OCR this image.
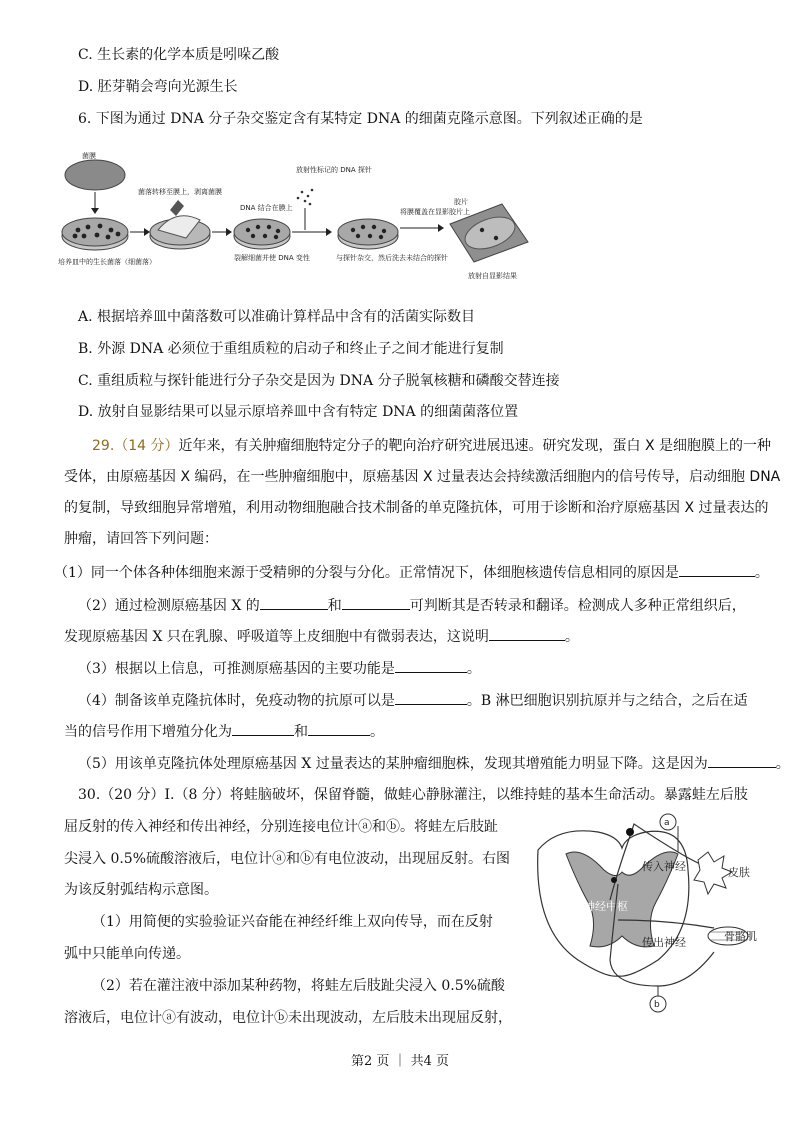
C. 生长素的化学本质是吲哚乙酸
D. 胚芽鞘会弯向光源生长
6. 下图为通过 DNA 分子杂交鉴定含有某特定 DNA 的细菌克隆示意图。下列叙述正确的是
菌膜
培养皿中的生长菌落（细菌落）
菌落转移至膜上，剥离菌膜
DNA 结合在膜上
裂解细菌并使 DNA 变性
放射性标记的 DNA 探针
与探针杂交，然后洗去未结合的探针
将膜覆盖在显影胶片上
胶片
放射自显影结果
A. 根据培养皿中菌落数可以准确计算样品中含有的活菌实际数目
B. 外源 DNA 必须位于重组质粒的启动子和终止子之间才能进行复制
C. 重组质粒与探针能进行分子杂交是因为 DNA 分子脱氧核糖和磷酸交替连接
D. 放射自显影结果可以显示原培养皿中含有特定 DNA 的细菌菌落位置
29.（14 分）近年来，有关肿瘤细胞特定分子的靶向治疗研究进展迅速。研究发现，蛋白 X 是细胞膜上的一种
受体，由原癌基因 X 编码，在一些肿瘤细胞中，原癌基因 X 过量表达会持续激活细胞内的信号传导，启动细胞 DNA
的复制，导致细胞异常增殖，利用动物细胞融合技术制备的单克隆抗体，可用于诊断和治疗原癌基因 X 过量表达的
肿瘤，请回答下列问题：
（1）同一个体各种体细胞来源于受精卵的分裂与分化。正常情况下，体细胞核遗传信息相同的原因是	。
（2）通过检测原癌基因 X 的	和	可判断其是否转录和翻译。检测成人多种正常组织后，
发现原癌基因 X 只在乳腺、呼吸道等上皮细胞中有微弱表达，这说明	。
（3）根据以上信息，可推测原癌基因的主要功能是	。
（4）制备该单克隆抗体时，免疫动物的抗原可以是	。B 淋巴细胞识别抗原并与之结合，之后在适
当的信号作用下增殖分化为	和	。
（5）用该单克隆抗体处理原癌基因 X 过量表达的某肿瘤细胞株，发现其增殖能力明显下降。这是因为	。
30.（20 分）Ⅰ.（8 分）将蛙脑破坏，保留脊髓，做蛙心静脉灌注，以维持蛙的基本生命活动。暴露蛙左后肢
屈反射的传入神经和传出神经，分别连接电位计ⓐ和ⓑ。将蛙左后肢趾
尖浸入 0.5%硫酸溶液后，电位计ⓐ和ⓑ有电位波动，出现屈反射。右图
为该反射弧结构示意图。
（1）用简便的实验验证兴奋能在神经纤维上双向传导，而在反射
弧中只能单向传递。
（2）若在灌注液中添加某种药物，将蛙左后肢趾尖浸入 0.5%硫酸
溶液后，电位计ⓐ有波动，电位计ⓑ未出现波动，左后肢未出现屈反射，
神经中枢
a
传入神经	皮肤
传出神经	骨骼肌
b
第2 页 ｜ 共4 页
